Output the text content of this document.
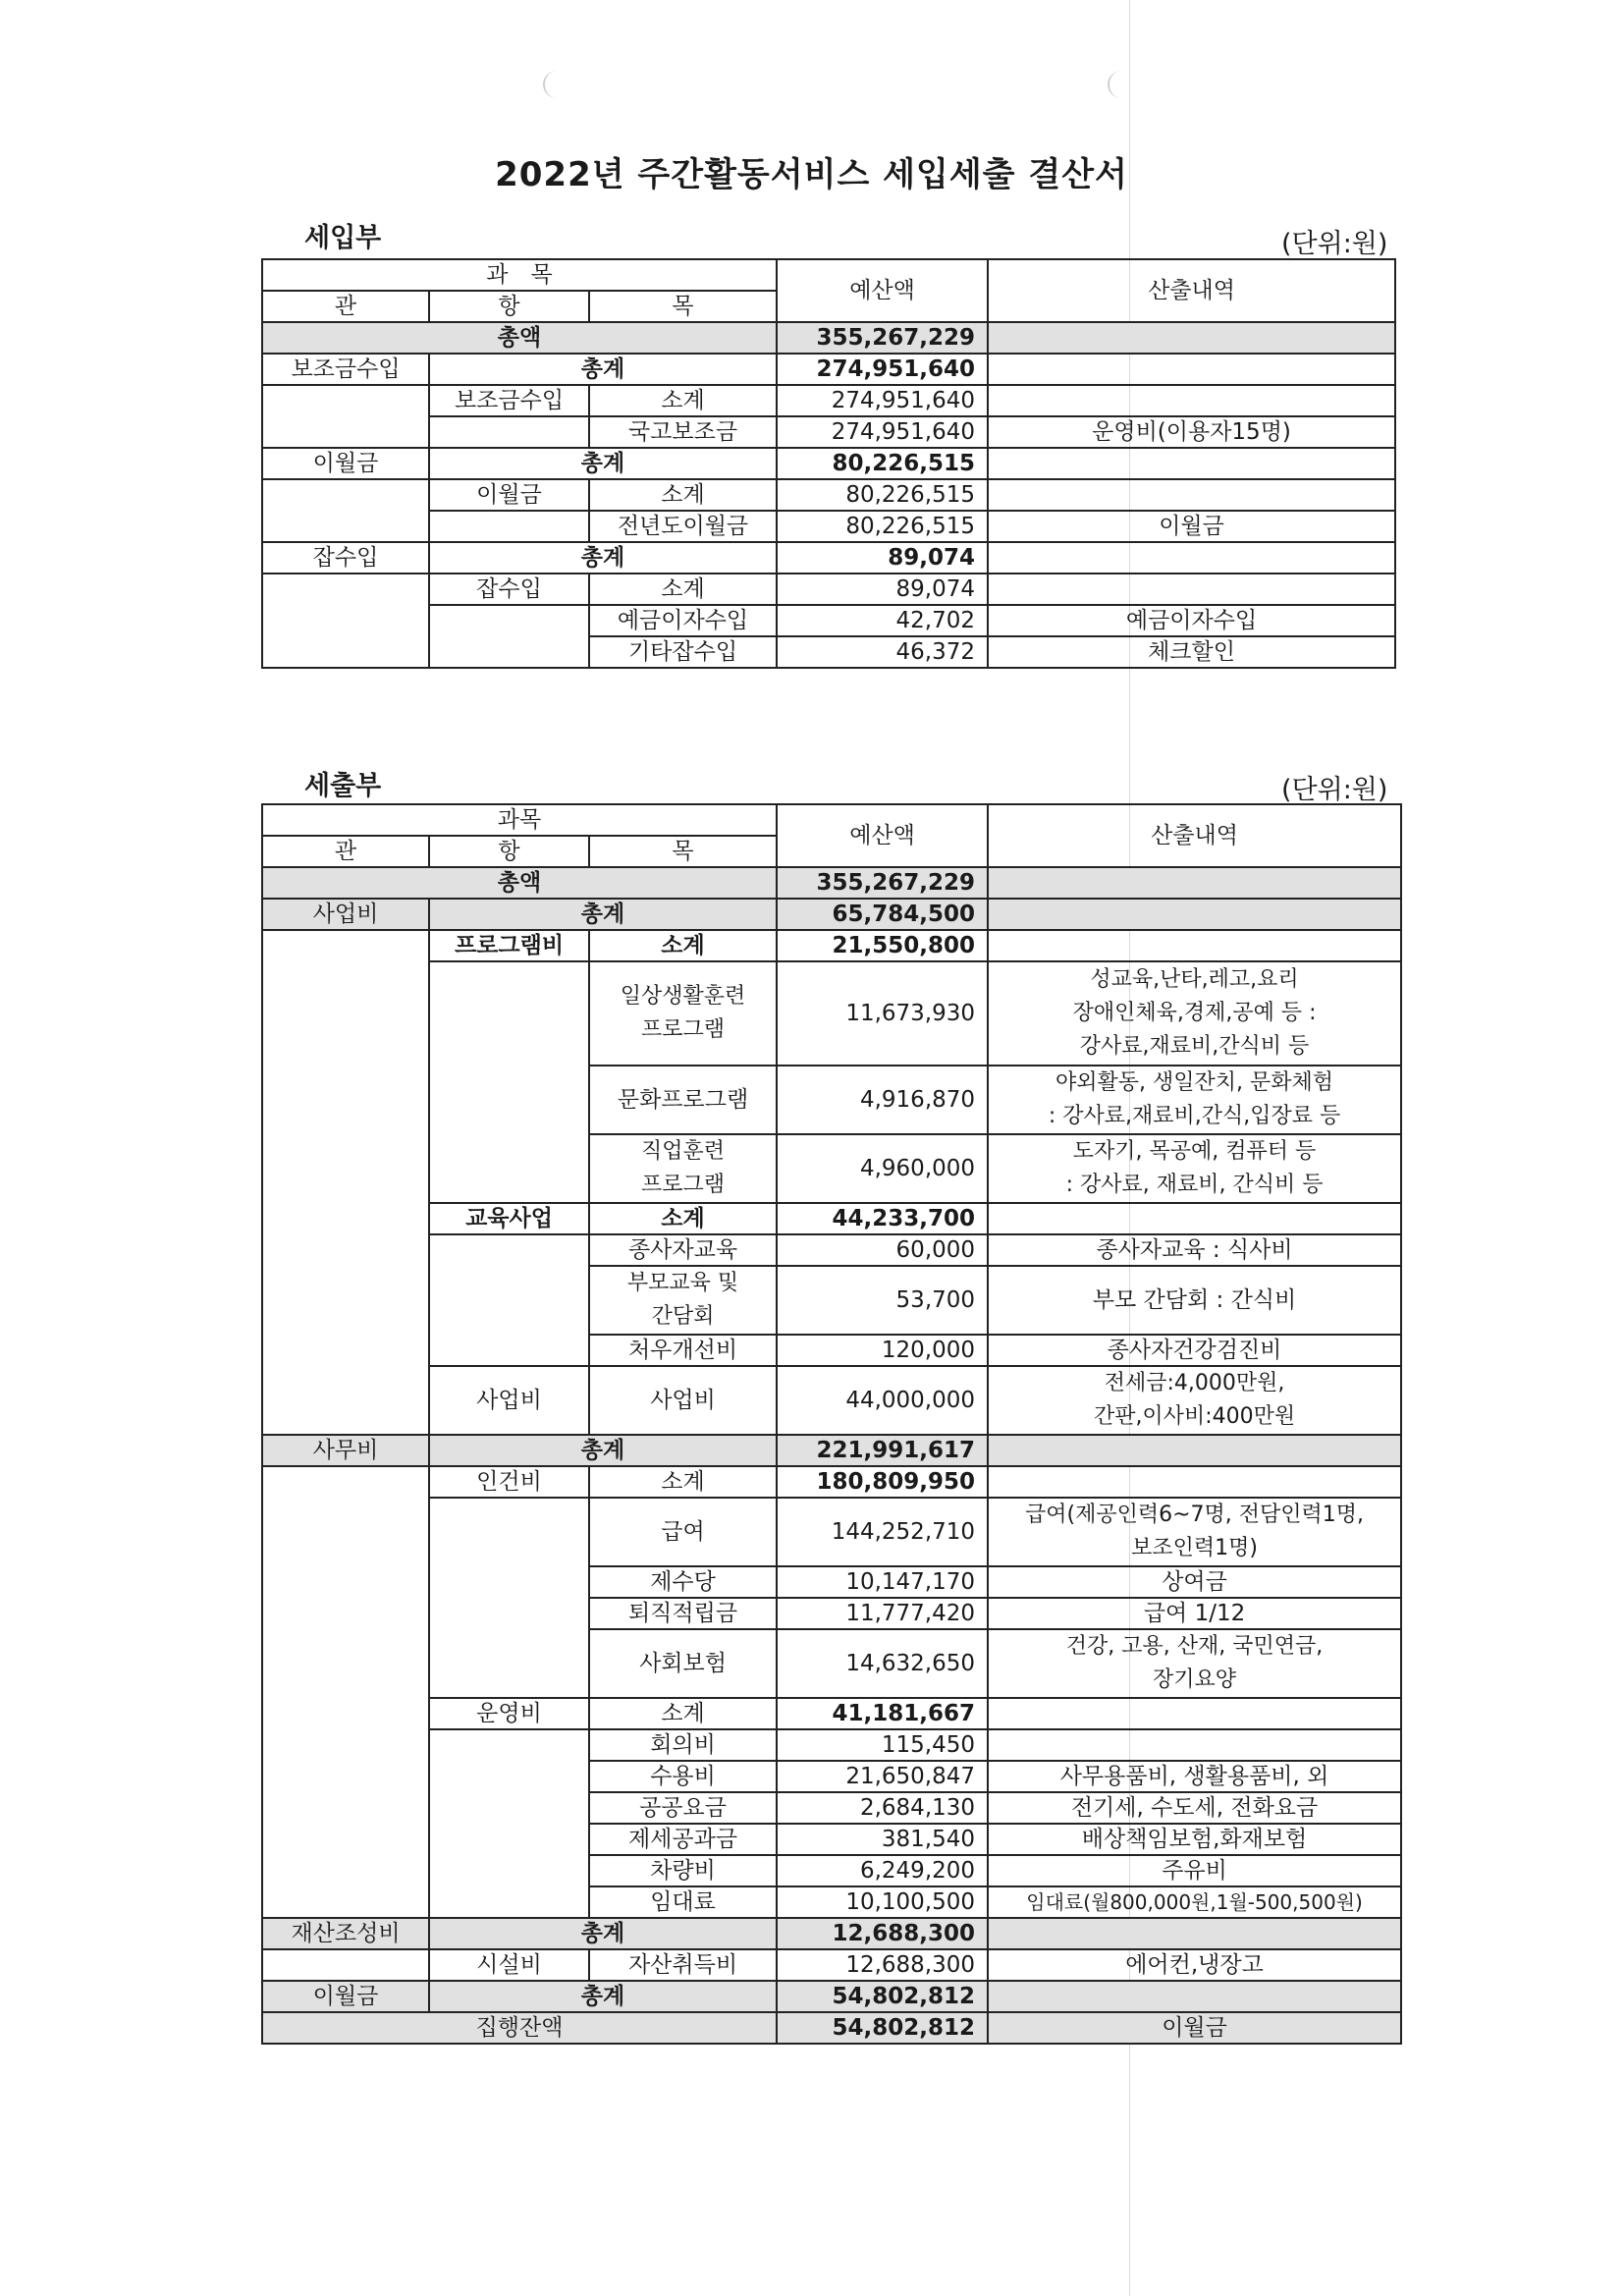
2022년 주간활동서비스 세입세출 결산서
세입부	(단위:원)
과　목			예산액	산출내역
관	항	목		
총액			355,267,229	
보조금수입	총계		274,951,640	
	보조금수입	소계	274,951,640	
		국고보조금	274,951,640	운영비(이용자15명)
이월금	총계		80,226,515	
	이월금	소계	80,226,515	
		전년도이월금	80,226,515	이월금
잡수입	총계		89,074	
	잡수입	소계	89,074	
		예금이자수입	42,702	예금이자수입
		기타잡수입	46,372	체크할인
세출부	(단위:원)
과목			예산액	산출내역
관	항	목		
총액			355,267,229	
사업비	총계		65,784,500	
	프로그램비	소계	21,550,800	
		일상생활훈련
프로그램	11,673,930	성교육,난타,레고,요리
장애인체육,경제,공예 등 :
강사료,재료비,간식비 등
		문화프로그램	4,916,870	야외활동, 생일잔치, 문화체험
: 강사료,재료비,간식,입장료 등
		직업훈련
프로그램	4,960,000	도자기, 목공예, 컴퓨터 등
: 강사료, 재료비, 간식비 등
	교육사업	소계	44,233,700	
		종사자교육	60,000	종사자교육 : 식사비
		부모교육 및
간담회	53,700	부모 간담회 : 간식비
		처우개선비	120,000	종사자건강검진비
	사업비	사업비	44,000,000	전세금:4,000만원,
간판,이사비:400만원
사무비	총계		221,991,617	
	인건비	소계	180,809,950	
		급여	144,252,710	급여(제공인력6~7명, 전담인력1명,
보조인력1명)
		제수당	10,147,170	상여금
		퇴직적립금	11,777,420	급여 1/12
		사회보험	14,632,650	건강, 고용, 산재, 국민연금,
장기요양
	운영비	소계	41,181,667	
		회의비	115,450	
		수용비	21,650,847	사무용품비, 생활용품비, 외
		공공요금	2,684,130	전기세, 수도세, 전화요금
		제세공과금	381,540	배상책임보험,화재보험
		차량비	6,249,200	주유비
		임대료	10,100,500	임대료(월800,000원,1월-500,500원)
재산조성비	총계		12,688,300	
	시설비	자산취득비	12,688,300	에어컨,냉장고
이월금	총계		54,802,812	
집행잔액			54,802,812	이월금
